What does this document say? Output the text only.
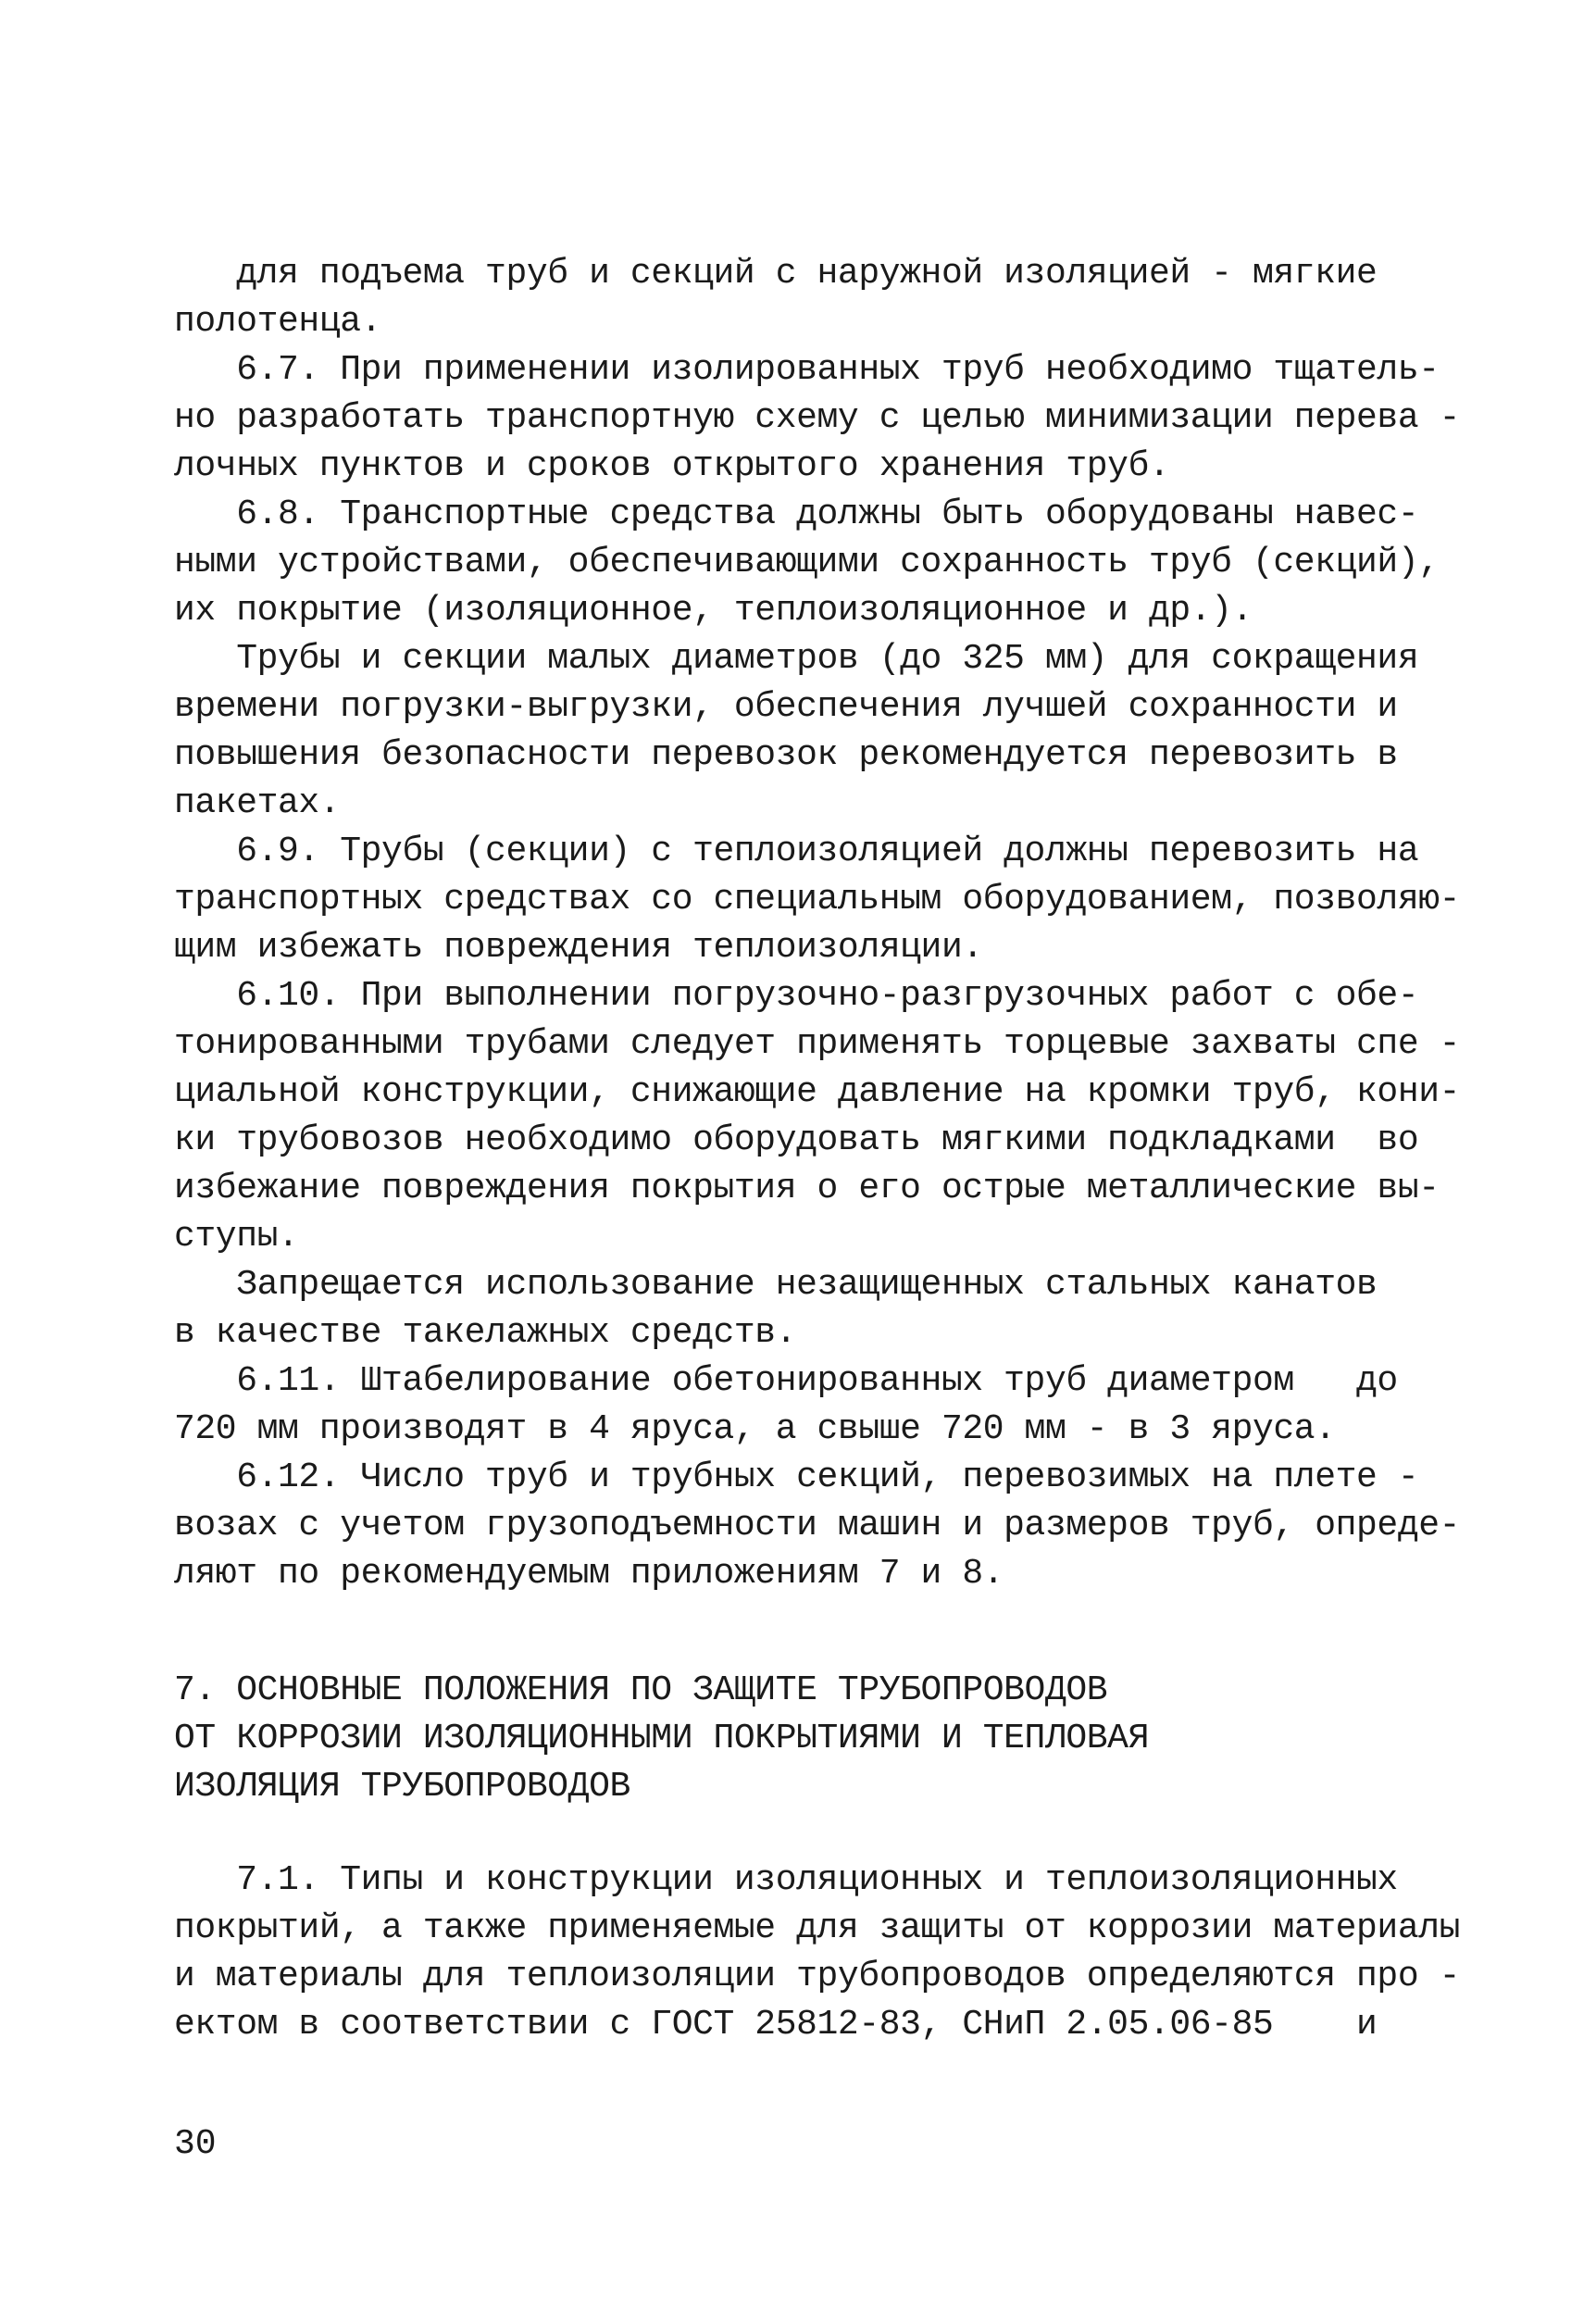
для подъема труб и секций с наружной изоляцией - мягкие
полотенца.
6.7. При применении изолированных труб необходимо тщатель-
но разработать транспортную схему с целью минимизации перева -
лочных пунктов и сроков открытого хранения труб.
6.8. Транспортные средства должны быть оборудованы навес-
ными устройствами, обеспечивающими сохранность труб (секций),
их покрытие (изоляционное, теплоизоляционное и др.).
Трубы и секции малых диаметров (до 325 мм) для сокращения
времени погрузки-выгрузки, обеспечения лучшей сохранности и
повышения безопасности перевозок рекомендуется перевозить в
пакетах.
6.9. Трубы (секции) с теплоизоляцией должны перевозить на
транспортных средствах со специальным оборудованием, позволяю-
щим избежать повреждения теплоизоляции.
6.10. При выполнении погрузочно-разгрузочных работ с обе-
тонированными трубами следует применять торцевые захваты спе -
циальной конструкции, снижающие давление на кромки труб, кони-
ки трубовозов необходимо оборудовать мягкими подкладками  во
избежание повреждения покрытия о его острые металлические вы-
ступы.
Запрещается использование незащищенных стальных канатов
в качестве такелажных средств.
6.11. Штабелирование обетонированных труб диаметром   до
720 мм производят в 4 яруса, а свыше 720 мм - в 3 яруса.
6.12. Число труб и трубных секций, перевозимых на плете -
возах с учетом грузоподъемности машин и размеров труб, опреде-
ляют по рекомендуемым приложениям 7 и 8.
7. ОСНОВНЫЕ ПОЛОЖЕНИЯ ПО ЗАЩИТЕ ТРУБОПРОВОДОВ
ОТ КОРРОЗИИ ИЗОЛЯЦИОННЫМИ ПОКРЫТИЯМИ И ТЕПЛОВАЯ
ИЗОЛЯЦИЯ ТРУБОПРОВОДОВ
7.1. Типы и конструкции изоляционных и теплоизоляционных
покрытий, а также применяемые для защиты от коррозии материалы
и материалы для теплоизоляции трубопроводов определяются про -
ектом в соответствии с ГОСТ 25812-83, СНиП 2.05.06-85    и
30
